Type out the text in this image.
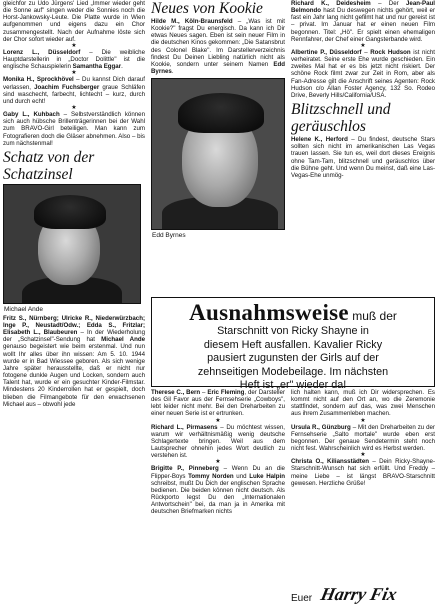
gleichfor zu Udo Jürgens' Lied „Immer wieder geht die Sonne auf" singen weder die Sonnies noch die Horst-Jankowsky-Leute. Die Platte wurde in Wien aufgenommen und eigens dazu ein Chor zusammengestellt. Nach der Aufnahme löste sich der Chor sofort wieder auf.

★

Lorenz L., Düsseldorf – Die weibliche Hauptdarstellerin in „Doctor Dolittle" ist die englische Schauspielerin Samantha Eggar.

★

Monika H., Sprockhövel – Du kannst Dich darauf verlassen, Joachim Fuchsberger graue Schläfen sind waschecht, farbecht, lichtecht – kurz, durch und durch echt!

★

Gaby L., Kuhbach – Selbstverständlich können sich auch hübsche Brillenträgerinnen bei der Wahl zum BRAVO-Girl beteiligen. Man kann zum Fotografieren doch die Gläser abnehmen. Also – bis zum nächstenmal!

Schatz von der Schatzinsel
Michael Ande

Fritz S., Nürnberg; Ulricke R., Niederwürzbach; Inge P., Neustadt/Odw.; Edda S., Fritzlar; Elisabeth L., Blaubeuren – In der Wiederholung der „Schatzinsel"-Sendung hat Michael Ande genauso begeistert wie beim erstenmal. Und nun wollt Ihr alles über ihn wissen: Am 5. 10. 1944 wurde er in Bad Wiessee geboren. Als sich wenige Jahre später herausstellte, daß er nicht nur fotogene dunkle Augen und Locken, sondern auch Talent hat, wurde er ein gesuchter Kinder-Filmstar. Mindestens 20 Kinderrollen hat er gespielt, doch blieben die Filmangebote für den erwachsenen Michael aus – obwohl jede

Neues von Kookie

Hilde M., Köln-Braunsfeld – „Was ist mit Kookie?" fragst Du energisch. Da kann ich Dir etwas Neues sagen. Eben ist sein neuer Film in die deutschen Kinos gekommen: „Die Satansbrut des Colonel Blake". Im Darstellerverzeichnis findest Du Deinen Liebling natürlich nicht als Kookie, sondern unter seinem Namen Edd Byrnes.

Edd Byrnes

Richard K., Deidesheim – Der Jean-Paul Belmondo hast Du deswegen nichts gehört, weil er fast ein Jahr lang nicht gefilmt hat und nur gereist ist – privat. Im Januar hat er einen neuen Film begonnen. Titel: „Hö". Er spielt einen ehemaligen Rennfahrer, der Chef einer Gangsterbande wird.

★

Albertine P., Düsseldorf – Rock Hudson ist nicht verheiratet. Seine erste Ehe wurde geschieden. Ein zweites Mal hat er es bis jetzt nicht riskiert. Der schöne Rock filmt zwar zur Zeit in Rom, aber als Fan-Adresse gilt die Anschrift seines Agenten: Rock Hudson c/o Allan Foster Agency, 132 So. Rodeo Drive, Beverly Hills/California/USA.

Blitzschnell und geräuschlos

Helene K., Herford – Du findest, deutsche Stars sollten sich nicht im amerikanischen Las Vegas trauen lassen. Sie tun es, weil dort dieses Ereignis ohne Tam-Tam, blitzschnell und geräuschlos über die Bühne geht. Und wenn Du meinst, daß eine Las-Vegas-Ehe unmög-

Ausnahmsweise muß der
Starschnitt von Ricky Shayne in
diesem Heft ausfallen. Kavalier Ricky
pausiert zugunsten der Girls auf der
zehnseitigen Modebeilage. Im nächsten
Heft ist „er" wieder da!

Therese C., Bern – Eric Fleming, der Darsteller des Gil Favor aus der Fernsehserie „Cowboys", lebt leider nicht mehr. Bei den Dreharbeiten zu einer neuen Serie ist er ertrunken.

★

Richard L., Pirmasens – Du möchtest wissen, warum wir verhältnismäßig wenig deutsche Schlagertexte bringen. Weil aus dem Lautsprecher ohnehin jedes Wort deutlich zu verstehen ist.

★

Brigitte P., Pinneberg – Wenn Du an die Flipper-Boys Tommy Norden und Luke Halpin schreibst, mußt Du Dich der englischen Sprache bedienen. Die beiden können nicht deutsch. Als Rückporto legst Du den „Internationalen Antwortschein" bei, da man ja in Amerika mit deutschen Briefmarken nichts

lich halten kann, muß ich Dir widersprechen. Es kommt nicht auf den Ort an, wo die Zeremonie stattfindet, sondern auf das, was zwei Menschen aus ihrem Zusammenleben machen.

★

Ursula R., Günzburg – Mit den Dreharbeiten zu der Fernsehserie „Salto mortale" wurde eben erst begonnen. Der genaue Sendetermin steht noch nicht fest. Wahrscheinlich wird es Herbst werden.

★

Christa O., Kiliansstädten – Dein Ricky-Shayne-Starschnitt-Wunsch hat sich erfüllt. Und Freddy – meine Liebe – ist längst BRAVO-Starschnitt gewesen. Herzliche Grüße!

Euer Harry Fix
